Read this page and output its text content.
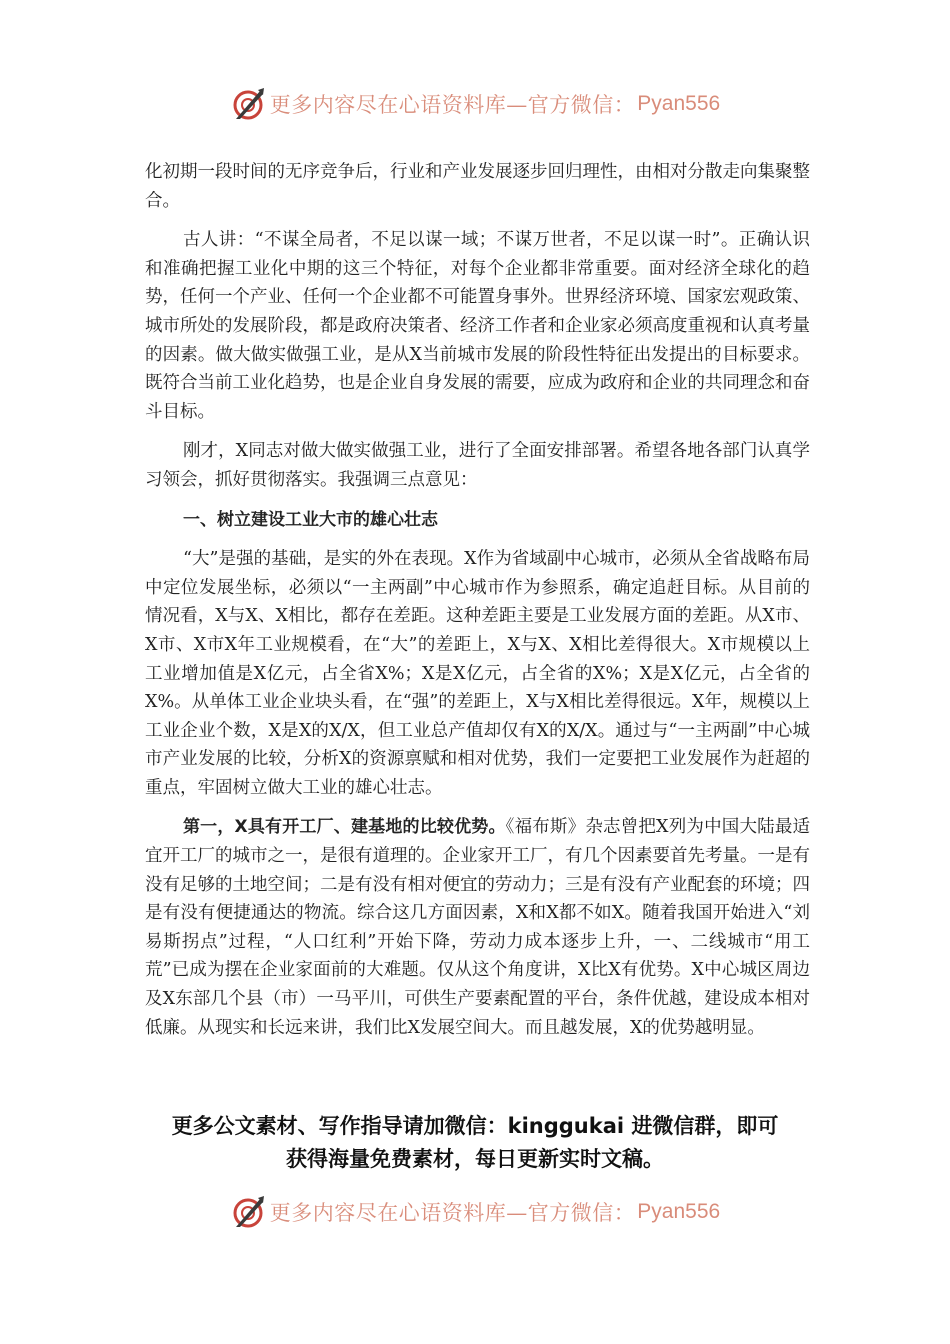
更多内容尽在心语资料库—官方微信： Pyan556

化初期一段时间的无序竞争后，行业和产业发展逐步回归理性，由相对分散走向集聚整合。

古人讲：“不谋全局者，不足以谋一域；不谋万世者，不足以谋一时”。正确认识和准确把握工业化中期的这三个特征，对每个企业都非常重要。面对经济全球化的趋势，任何一个产业、任何一个企业都不可能置身事外。世界经济环境、国家宏观政策、城市所处的发展阶段，都是政府决策者、经济工作者和企业家必须高度重视和认真考量的因素。做大做实做强工业，是从X当前城市发展的阶段性特征出发提出的目标要求。既符合当前工业化趋势，也是企业自身发展的需要，应成为政府和企业的共同理念和奋斗目标。

刚才，X同志对做大做实做强工业，进行了全面安排部署。希望各地各部门认真学习领会，抓好贯彻落实。我强调三点意见：

一、树立建设工业大市的雄心壮志

“大”是强的基础，是实的外在表现。X作为省域副中心城市，必须从全省战略布局中定位发展坐标，必须以“一主两副”中心城市作为参照系，确定追赶目标。从目前的情况看，X与X、X相比，都存在差距。这种差距主要是工业发展方面的差距。从X市、X市、X市X年工业规模看，在“大”的差距上，X与X、X相比差得很大。X市规模以上工业增加值是X亿元，占全省X%；X是X亿元，占全省的X%；X是X亿元，占全省的X%。从单体工业企业块头看，在“强”的差距上，X与X相比差得很远。X年，规模以上工业企业个数，X是X的X/X，但工业总产值却仅有X的X/X。通过与“一主两副”中心城市产业发展的比较，分析X的资源禀赋和相对优势，我们一定要把工业发展作为赶超的重点，牢固树立做大工业的雄心壮志。

第一，X具有开工厂、建基地的比较优势。《福布斯》杂志曾把X列为中国大陆最适宜开工厂的城市之一，是很有道理的。企业家开工厂，有几个因素要首先考量。一是有没有足够的土地空间；二是有没有相对便宜的劳动力；三是有没有产业配套的环境；四是有没有便捷通达的物流。综合这几方面因素，X和X都不如X。随着我国开始进入“刘易斯拐点”过程，“人口红利”开始下降，劳动力成本逐步上升，一、二线城市“用工荒”已成为摆在企业家面前的大难题。仅从这个角度讲，X比X有优势。X中心城区周边及X东部几个县（市）一马平川，可供生产要素配置的平台，条件优越，建设成本相对低廉。从现实和长远来讲，我们比X发展空间大。而且越发展，X的优势越明显。

更多公文素材、写作指导请加微信：kinggukai 进微信群，即可
获得海量免费素材，每日更新实时文稿。
更多内容尽在心语资料库—官方微信： Pyan556
